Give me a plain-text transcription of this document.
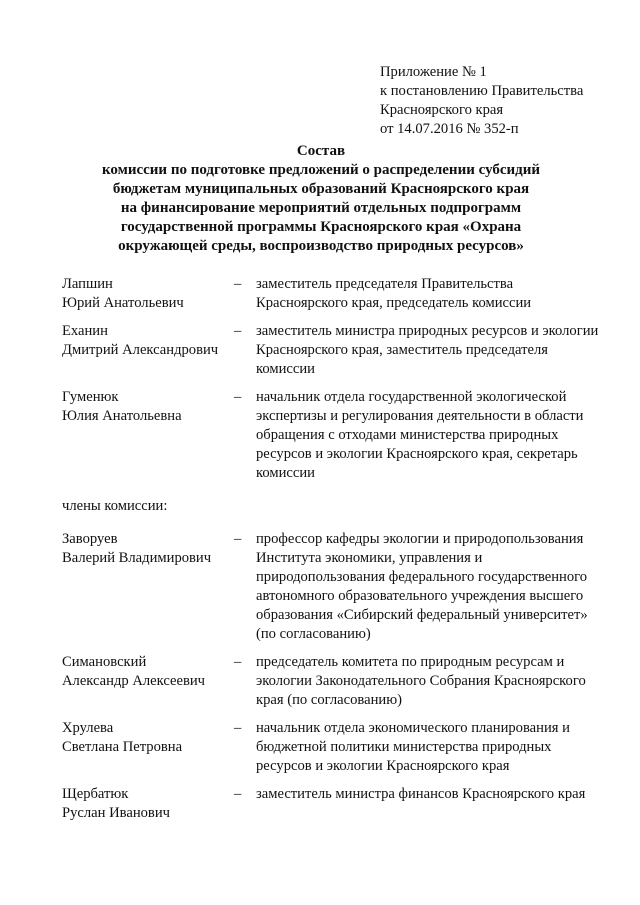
Приложение № 1
к постановлению Правительства
Красноярского края
от 14.07.2016 № 352-п
Состав
комиссии по подготовке предложений о распределении субсидий
бюджетам муниципальных образований Красноярского края
на финансирование мероприятий отдельных подпрограмм
государственной программы Красноярского края «Охрана
окружающей среды, воспроизводство природных ресурсов»
Лапшин
Юрий Анатольевич
–	заместитель председателя Правительства Красноярского края, председатель комиссии
Еханин
Дмитрий Александрович
–	заместитель министра природных ресурсов и экологии Красноярского края, заместитель председателя комиссии
Гуменюк
Юлия Анатольевна
–	начальник отдела государственной экологической экспертизы и регулирования деятельности в области обращения с отходами министерства природных ресурсов и экологии Красноярского края, секретарь комиссии
члены комиссии:
Заворуев
Валерий Владимирович
–	профессор кафедры экологии и природопользования Института экономики, управления и природопользования федерального государственного автономного образовательного учреждения высшего образования «Сибирский федеральный университет» (по согласованию)
Симановский
Александр Алексеевич
–	председатель комитета по природным ресурсам и экологии Законодательного Собрания Красноярского края (по согласованию)
Хрулева
Светлана Петровна
–	начальник отдела экономического планирования и бюджетной политики министерства природных ресурсов и экологии Красноярского края
Щербатюк
Руслан Иванович
–	заместитель министра финансов Красноярского края
